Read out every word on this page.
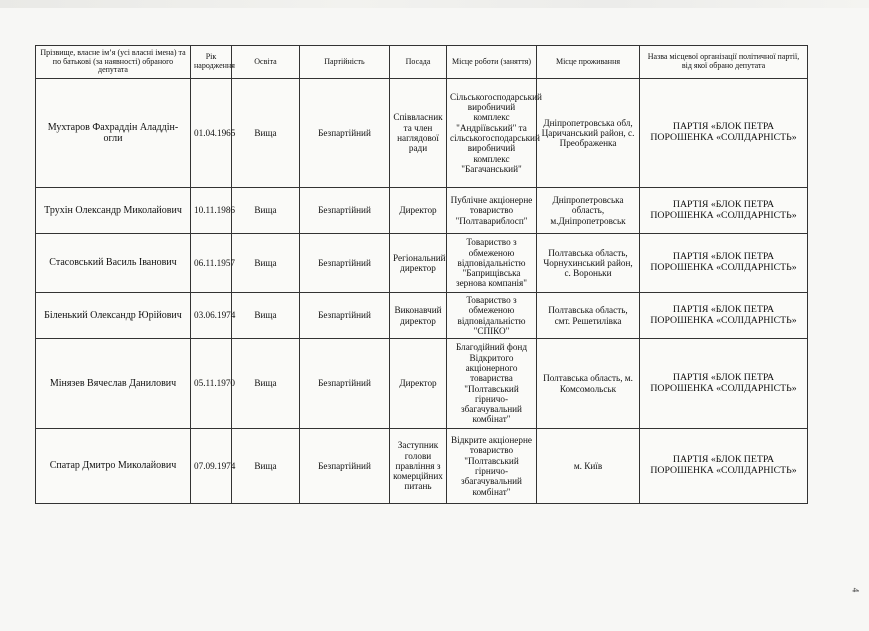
Прізвище, власне ім’я (усі власні імена) та по батькові (за наявності) обраного депутата	Рік народження	Освіта	Партійність	Посада	Місце роботи (заняття)	Місце проживання	Назва місцевої організації політичної партії, від якої обрано депутата
Мухтаров Фахраддін Аладдін-огли	01.04.1965	Вища	Безпартійний	Співвласник та член наглядової ради	Сільськогосподарський виробничий комплекс "Андріївський" та сільськогосподарський виробничий комплекс "Багачанський"	Дніпропетровська обл, Царичанський район, с. Преображенка	ПАРТІЯ «БЛОК ПЕТРА ПОРОШЕНКА «СОЛІДАРНІСТЬ»
Трухін Олександр Миколайович	10.11.1986	Вища	Безпартійний	Директор	Публічне акціонерне товариство "Полтавариблосп"	Дніпропетровська область, м.Дніпропетровськ	ПАРТІЯ «БЛОК ПЕТРА ПОРОШЕНКА «СОЛІДАРНІСТЬ»
Стасовський Василь Іванович	06.11.1957	Вища	Безпартійний	Регіональний директор	Товариство з обмеженою відповідальністю "Баприщівська зернова компанія"	Полтавська область, Чорнухинський район, с. Вороньки	ПАРТІЯ «БЛОК ПЕТРА ПОРОШЕНКА «СОЛІДАРНІСТЬ»
Біленький Олександр Юрійович	03.06.1974	Вища	Безпартійний	Виконавчий директор	Товариство з обмеженою відповідальністю "СПІКО"	Полтавська область, смт. Решетилівка	ПАРТІЯ «БЛОК ПЕТРА ПОРОШЕНКА «СОЛІДАРНІСТЬ»
Мінязев Вячеслав Данилович	05.11.1970	Вища	Безпартійний	Директор	Благодійний фонд Відкритого акціонерного товариства "Полтавський гірничо-збагачувальний комбінат"	Полтавська область, м. Комсомольськ	ПАРТІЯ «БЛОК ПЕТРА ПОРОШЕНКА «СОЛІДАРНІСТЬ»
Спатар Дмитро Миколайович	07.09.1974	Вища	Безпартійний	Заступник голови правління з комерційних питань	Відкрите акціонерне товариство "Полтавський гірничо-збагачувальний комбінат"	м. Київ	ПАРТІЯ «БЛОК ПЕТРА ПОРОШЕНКА «СОЛІДАРНІСТЬ»
4
